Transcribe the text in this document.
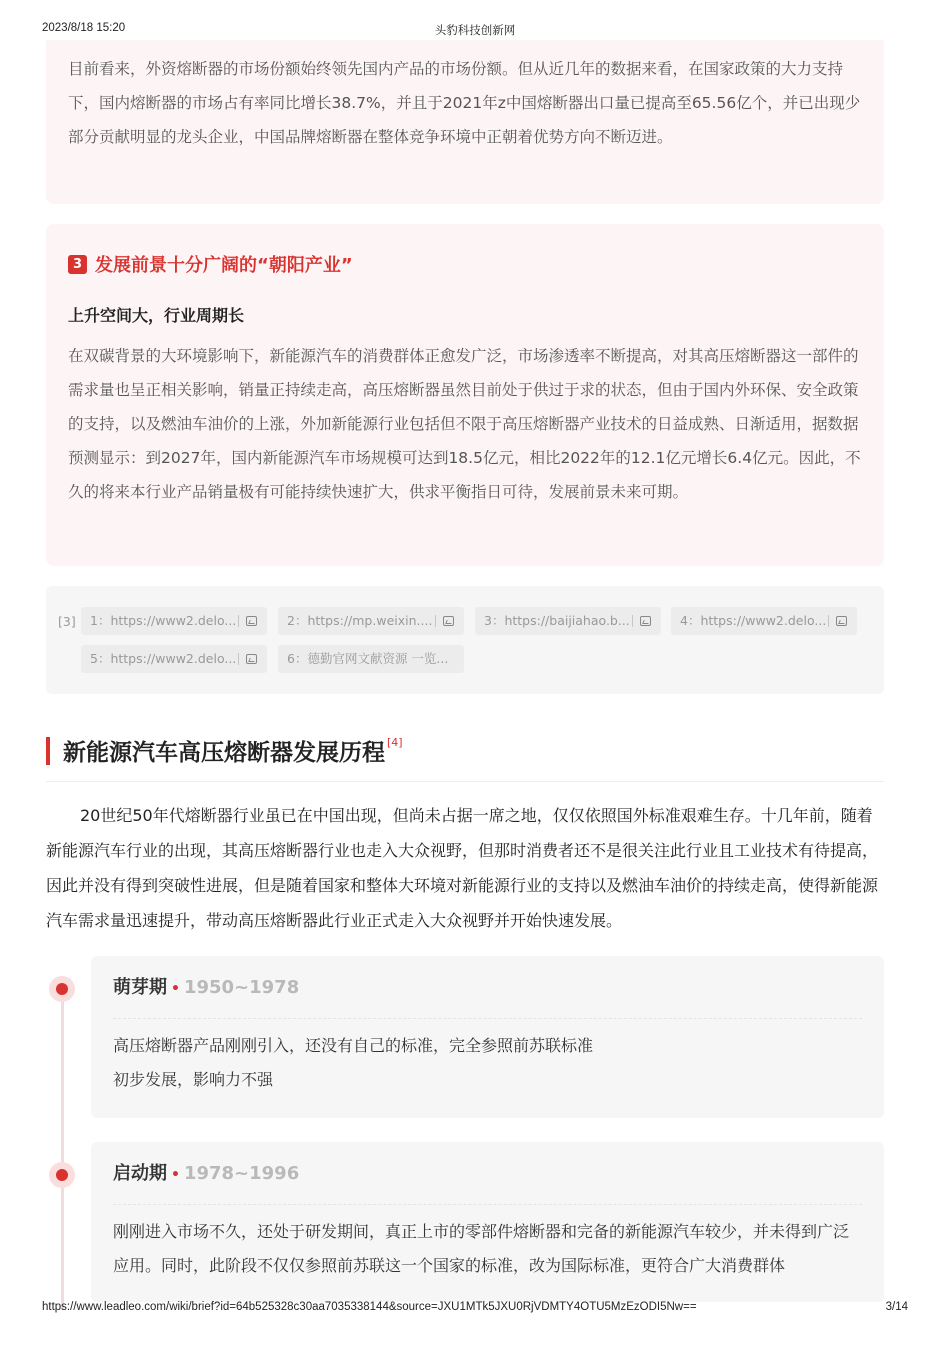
2023/8/18 15:20	头豹科技创新网

目前看来，外资熔断器的市场份额始终领先国内产品的市场份额。但从近几年的数据来看，在国家政策的大力支持下，国内熔断器的市场占有率同比增长38.7%，并且于2021年z中国熔断器出口量已提高至65.56亿个，并已出现少部分贡献明显的龙头企业，中国品牌熔断器在整体竞争环境中正朝着优势方向不断迈进。

3 发展前景十分广阔的“朝阳产业”
上升空间大，行业周期长

在双碳背景的大环境影响下，新能源汽车的消费群体正愈发广泛，市场渗透率不断提高，对其高压熔断器这一部件的需求量也呈正相关影响，销量正持续走高，高压熔断器虽然目前处于供过于求的状态，但由于国内外环保、安全政策的支持，以及燃油车油价的上涨，外加新能源行业包括但不限于高压熔断器产业技术的日益成熟、日渐适用，据数据预测显示：到2027年，国内新能源汽车市场规模可达到18.5亿元，相比2022年的12.1亿元增长6.4亿元。因此，不久的将来本行业产品销量极有可能持续快速扩大，供求平衡指日可待，发展前景未来可期。

[3]	1：https://www2.delo...	2：https://mp.weixin....	3：https://baijiahao.b...	4：https://www2.delo...
5：https://www2.delo...	6：德勤官网文献资源 一览...
新能源汽车高压熔断器发展历程 [4]

20世纪50年代熔断器行业虽已在中国出现，但尚未占据一席之地，仅仅依照国外标准艰难生存。十几年前，随着新能源汽车行业的出现，其高压熔断器行业也走入大众视野，但那时消费者还不是很关注此行业且工业技术有待提高，因此并没有得到突破性进展，但是随着国家和整体大环境对新能源行业的支持以及燃油车油价的持续走高，使得新能源汽车需求量迅速提升，带动高压熔断器此行业正式走入大众视野并开始快速发展。

萌芽期 • 1950~1978
高压熔断器产品刚刚引入，还没有自己的标准，完全参照前苏联标准
初步发展，影响力不强
启动期 • 1978~1996
刚刚进入市场不久，还处于研发期间，真正上市的零部件熔断器和完备的新能源汽车较少，并未得到广泛应用。同时，此阶段不仅仅参照前苏联这一个国家的标准，改为国际标准，更符合广大消费群体
https://www.leadleo.com/wiki/brief?id=64b525328c30aa7035338144&source=JXU1MTk5JXU0RjVDMTY4OTU5MzEzODI5Nw==	3/14
